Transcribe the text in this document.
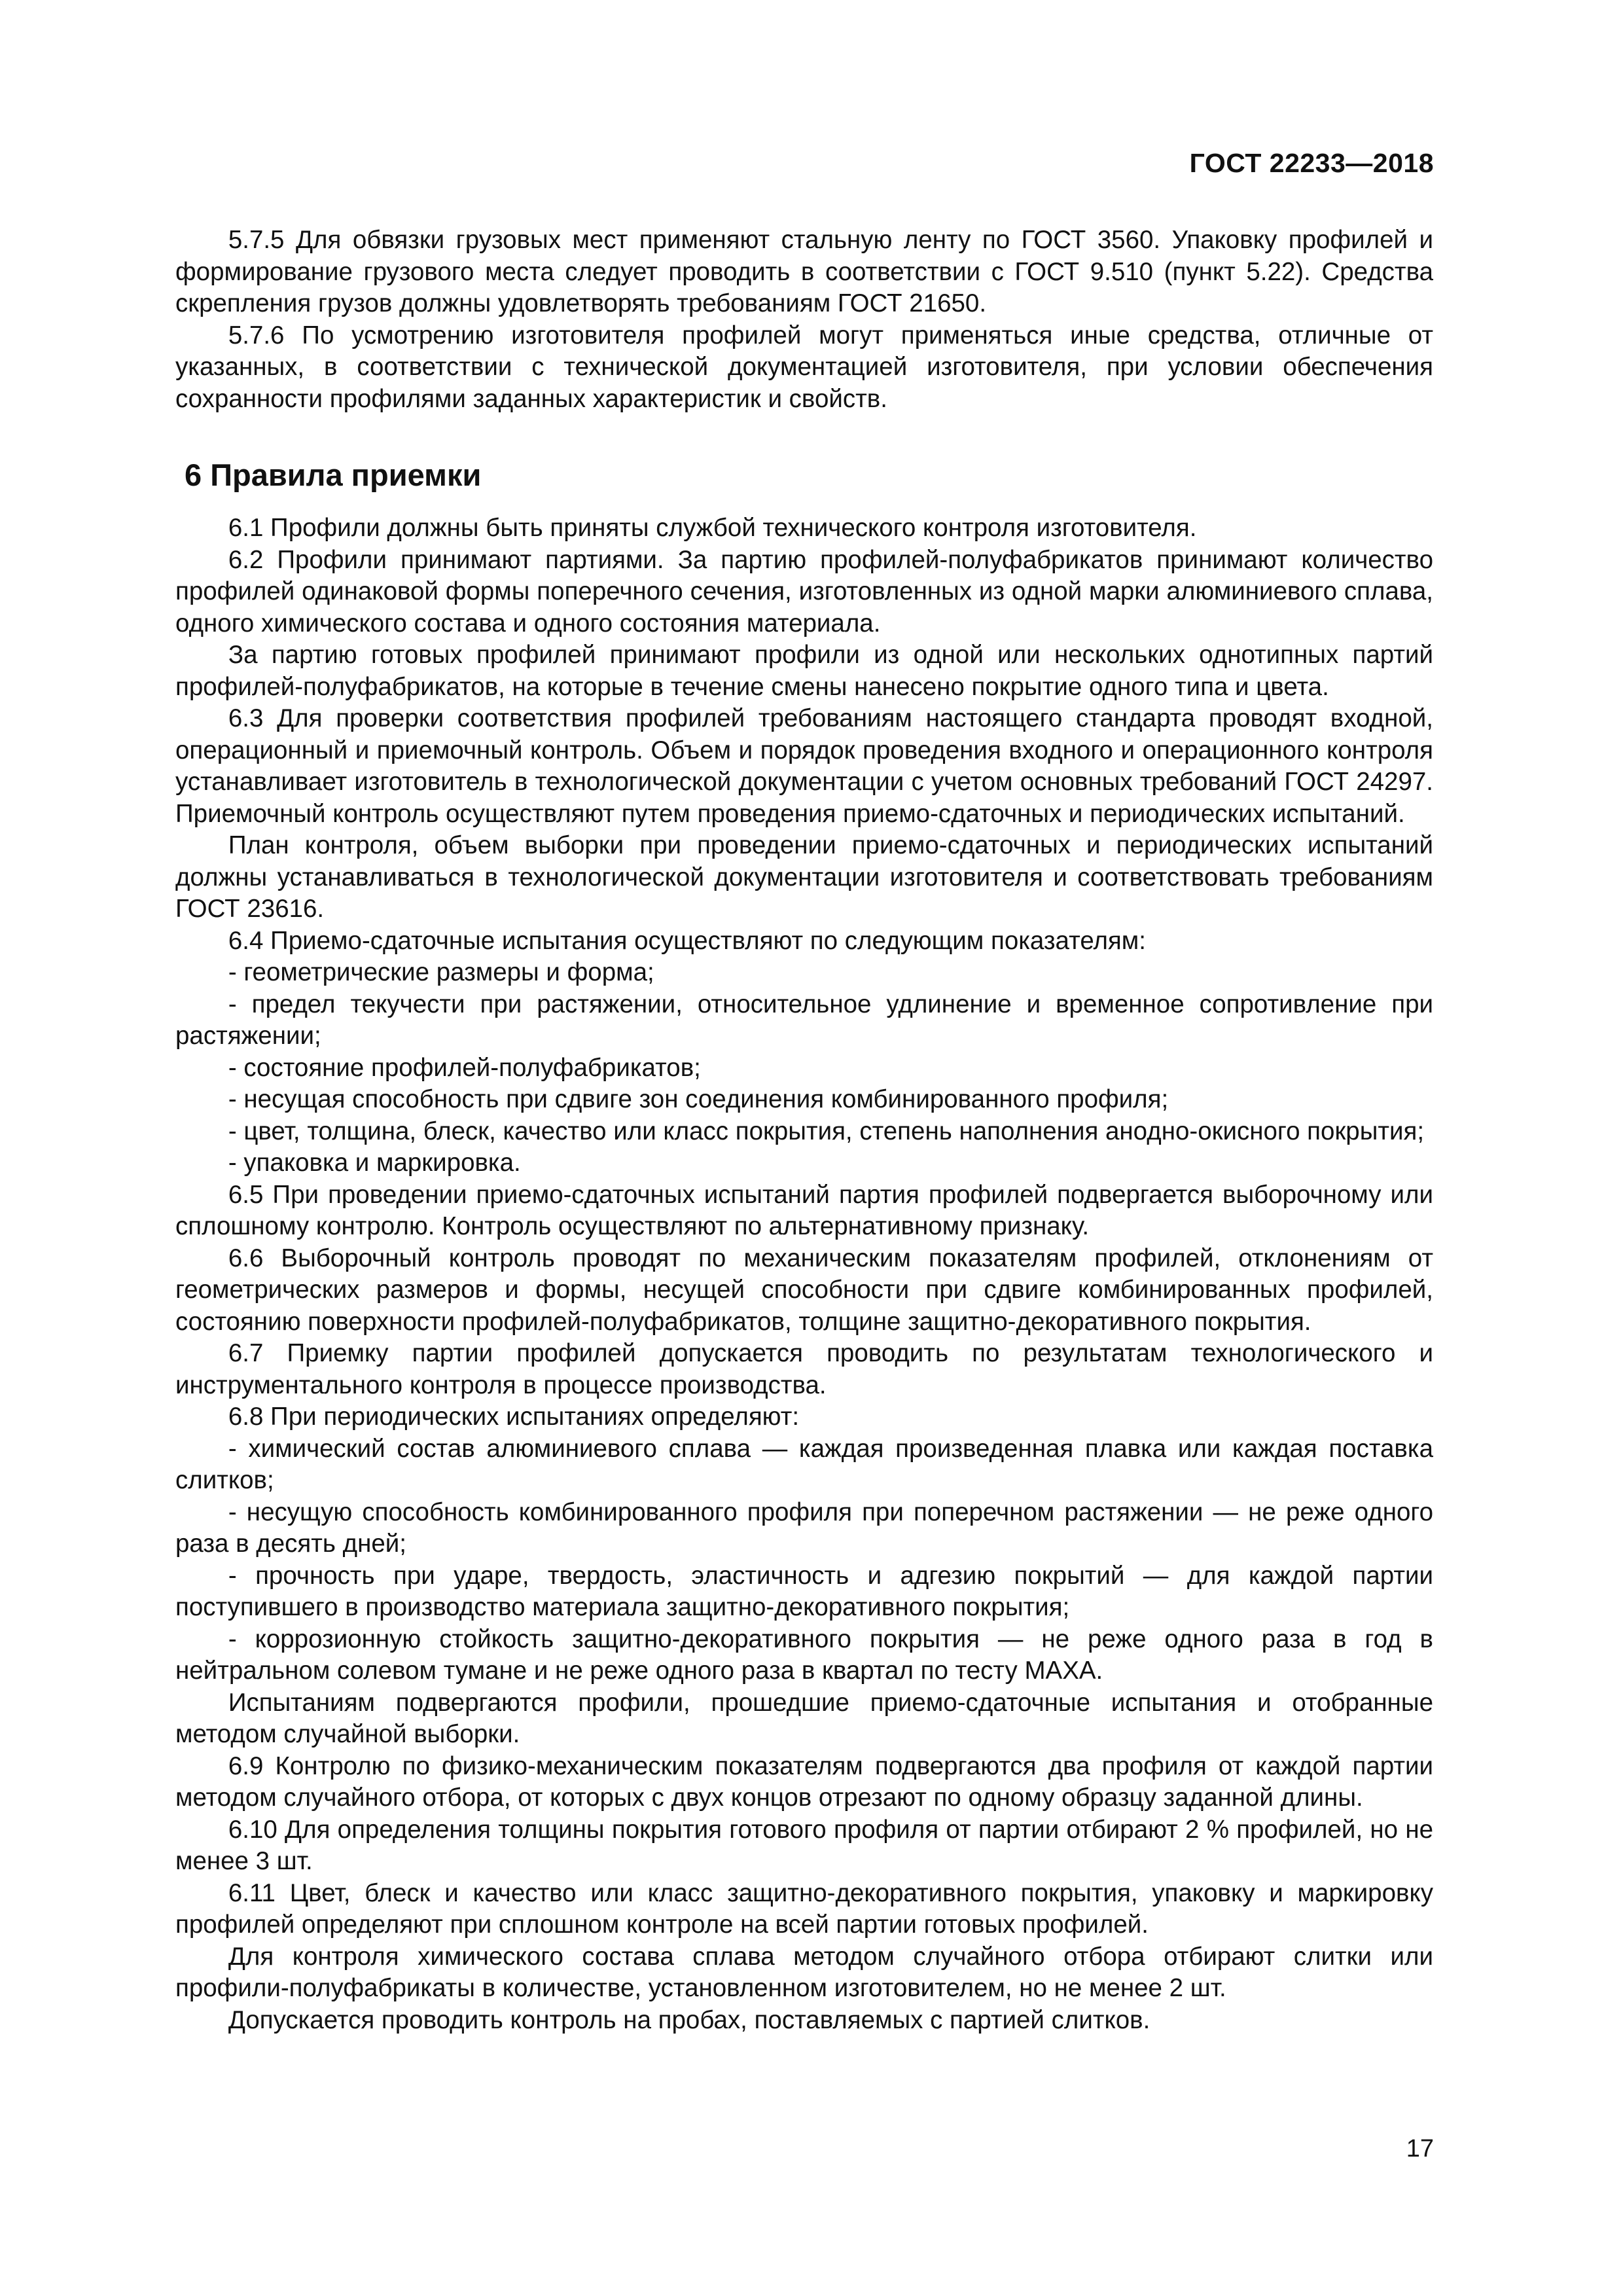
ГОСТ 22233—2018

5.7.5 Для обвязки грузовых мест применяют стальную ленту по ГОСТ 3560. Упаковку профилей и формирование грузового места следует проводить в соответствии с ГОСТ 9.510 (пункт 5.22). Средства скрепления грузов должны удовлетворять требованиям ГОСТ 21650.

5.7.6 По усмотрению изготовителя профилей могут применяться иные средства, отличные от указанных, в соответствии с технической документацией изготовителя, при условии обеспечения сохранности профилями заданных характеристик и свойств.

6 Правила приемки

6.1 Профили должны быть приняты службой технического контроля изготовителя.

6.2 Профили принимают партиями. За партию профилей-полуфабрикатов принимают количество профилей одинаковой формы поперечного сечения, изготовленных из одной марки алюминиевого сплава, одного химического состава и одного состояния материала.

За партию готовых профилей принимают профили из одной или нескольких однотипных партий профилей-полуфабрикатов, на которые в течение смены нанесено покрытие одного типа и цвета.

6.3 Для проверки соответствия профилей требованиям настоящего стандарта проводят входной, операционный и приемочный контроль. Объем и порядок проведения входного и операционного контроля устанавливает изготовитель в технологической документации с учетом основных требований ГОСТ 24297. Приемочный контроль осуществляют путем проведения приемо-сдаточных и периодических испытаний.

План контроля, объем выборки при проведении приемо-сдаточных и периодических испытаний должны устанавливаться в технологической документации изготовителя и соответствовать требованиям ГОСТ 23616.

6.4 Приемо-сдаточные испытания осуществляют по следующим показателям:

- геометрические размеры и форма;

- предел текучести при растяжении, относительное удлинение и временное сопротивление при растяжении;

- состояние профилей-полуфабрикатов;

- несущая способность при сдвиге зон соединения комбинированного профиля;

- цвет, толщина, блеск, качество или класс покрытия, степень наполнения анодно-окисного покрытия;

- упаковка и маркировка.

6.5 При проведении приемо-сдаточных испытаний партия профилей подвергается выборочному или сплошному контролю. Контроль осуществляют по альтернативному признаку.

6.6 Выборочный контроль проводят по механическим показателям профилей, отклонениям от геометрических размеров и формы, несущей способности при сдвиге комбинированных профилей, состоянию поверхности профилей-полуфабрикатов, толщине защитно-декоративного покрытия.

6.7 Приемку партии профилей допускается проводить по результатам технологического и инструментального контроля в процессе производства.

6.8 При периодических испытаниях определяют:

- химический состав алюминиевого сплава — каждая произведенная плавка или каждая поставка слитков;

- несущую способность комбинированного профиля при поперечном растяжении — не реже одного раза в десять дней;

- прочность при ударе, твердость, эластичность и адгезию покрытий — для каждой партии поступившего в производство материала защитно-декоративного покрытия;

- коррозионную стойкость защитно-декоративного покрытия — не реже одного раза в год в нейтральном солевом тумане и не реже одного раза в квартал по тесту МАХА.

Испытаниям подвергаются профили, прошедшие приемо-сдаточные испытания и отобранные методом случайной выборки.

6.9 Контролю по физико-механическим показателям подвергаются два профиля от каждой партии методом случайного отбора, от которых с двух концов отрезают по одному образцу заданной длины.

6.10 Для определения толщины покрытия готового профиля от партии отбирают 2 % профилей, но не менее 3 шт.

6.11 Цвет, блеск и качество или класс защитно-декоративного покрытия, упаковку и маркировку профилей определяют при сплошном контроле на всей партии готовых профилей.

Для контроля химического состава сплава методом случайного отбора отбирают слитки или профили-полуфабрикаты в количестве, установленном изготовителем, но не менее 2 шт.

Допускается проводить контроль на пробах, поставляемых с партией слитков.

17
